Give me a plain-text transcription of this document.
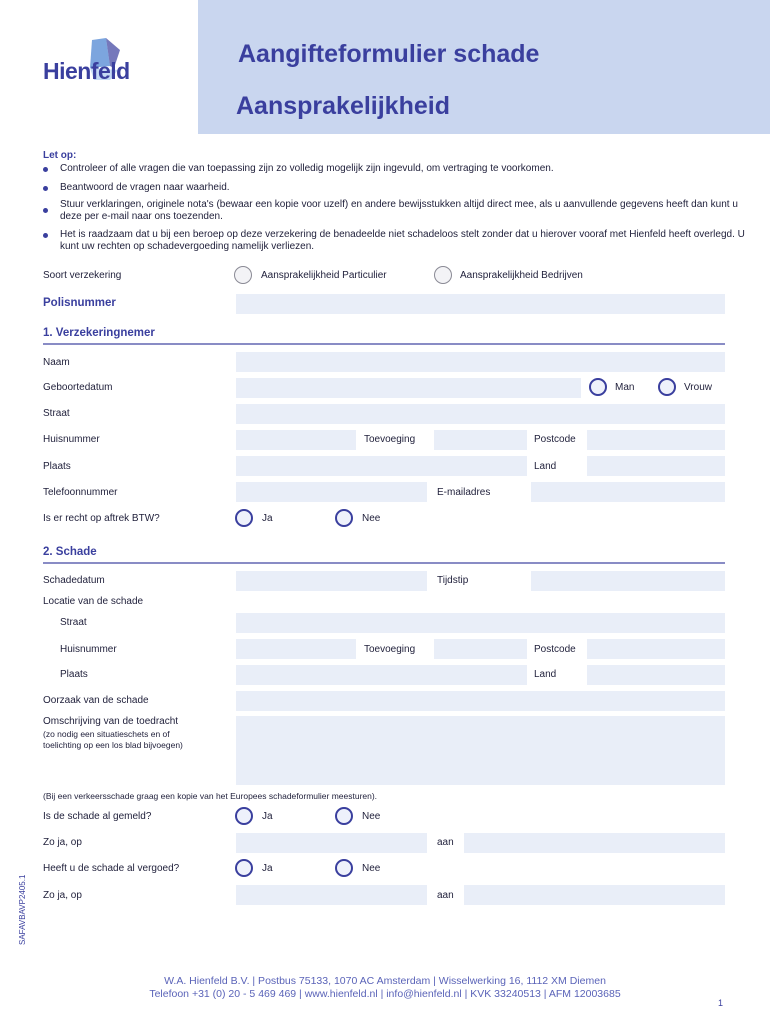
Hienfeld
Aangifteformulier schade
Aansprakelijkheid
Let op:
Controleer of alle vragen die van toepassing zijn zo volledig mogelijk zijn ingevuld, om vertraging te voorkomen.
Beantwoord de vragen naar waarheid.
Stuur verklaringen, originele nota's (bewaar een kopie voor uzelf) en andere bewijsstukken altijd direct mee, als u aanvullende gegevens heeft dan kunt u deze per e-mail naar ons toezenden.
Het is raadzaam dat u bij een beroep op deze verzekering de benadeelde niet schadeloos stelt zonder dat u hierover vooraf met Hienfeld heeft overlegd. U kunt uw rechten op schadevergoeding namelijk verliezen.
Soort verzekering	Aansprakelijkheid Particulier	Aansprakelijkheid Bedrijven
Polisnummer
1. Verzekeringnemer
Naam
Geboortedatum	Man	Vrouw
Straat
Huisnummer	Toevoeging	Postcode
Plaats	Land
Telefoonnummer	E-mailadres
Is er recht op aftrek BTW?	Ja	Nee
2. Schade
Schadedatum	Tijdstip
Locatie van de schade
Straat
Huisnummer	Toevoeging	Postcode
Plaats	Land
Oorzaak van de schade
Omschrijving van de toedracht
(zo nodig een situatieschets en of
toelichting op een los blad bijvoegen)
(Bij een verkeersschade graag een kopie van het Europees schadeformulier meesturen).
Is de schade al gemeld?	Ja	Nee
Zo ja, op	aan
Heeft u de schade al vergoed?	Ja	Nee
Zo ja, op	aan
SAFAVBAVP2405.1
W.A. Hienfeld B.V. | Postbus 75133, 1070 AC Amsterdam | Wisselwerking 16, 1112 XM Diemen
Telefoon +31 (0) 20 - 5 469 469 | www.hienfeld.nl | info@hienfeld.nl | KVK 33240513 | AFM 12003685
1
